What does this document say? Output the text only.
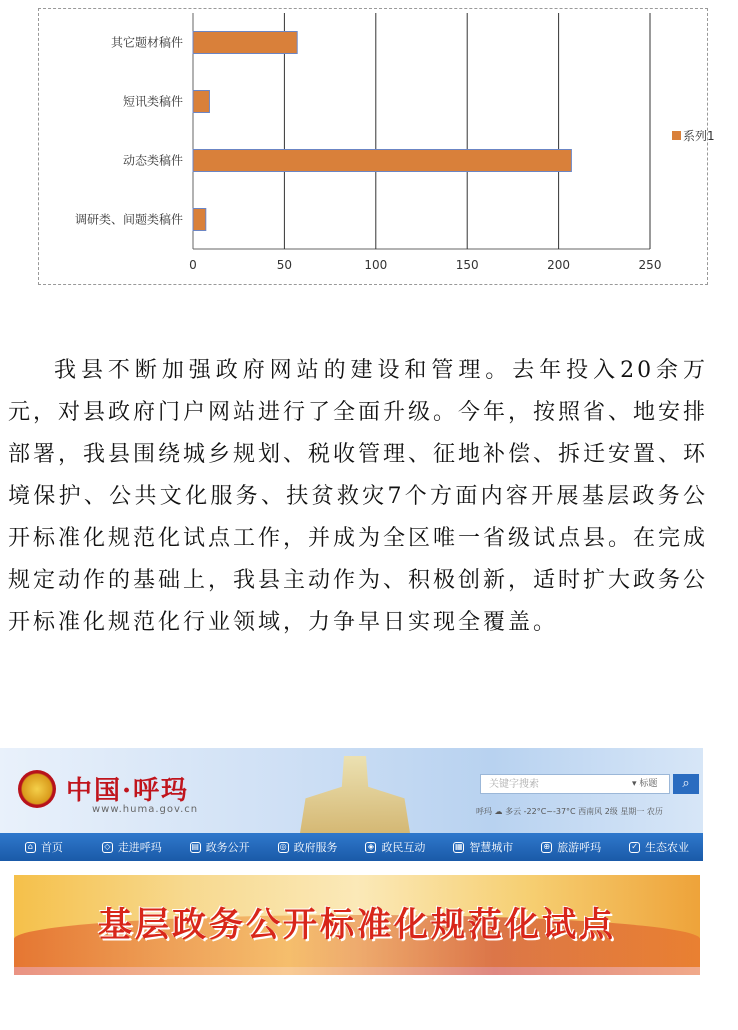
0	50	100	150	200	250
其它题材稿件
短讯类稿件
动态类稿件
调研类、间题类稿件
系列1

我县不断加强政府网站的建设和管理。去年投入20余万元，对县政府门户网站进行了全面升级。今年，按照省、地安排部署，我县围绕城乡规划、税收管理、征地补偿、拆迁安置、环境保护、公共文化服务、扶贫救灾7个方面内容开展基层政务公开标准化规范化试点工作，并成为全区唯一省级试点县。在完成规定动作的基础上，我县主动作为、积极创新，适时扩大政务公开标准化规范化行业领域，力争早日实现全覆盖。

中国·呼玛
www.huma.gov.cn
关键字搜索	▾ 标题	⌕
呼玛 ☁ 多云 -22°C~-37°C 西南风 2级 星期一 农历
⌂ 首页	◇ 走进呼玛	▤ 政务公开	◎ 政府服务	◈ 政民互动	▦ 智慧城市	⊕ 旅游呼玛	✓ 生态农业
基层政务公开标准化规范化试点
